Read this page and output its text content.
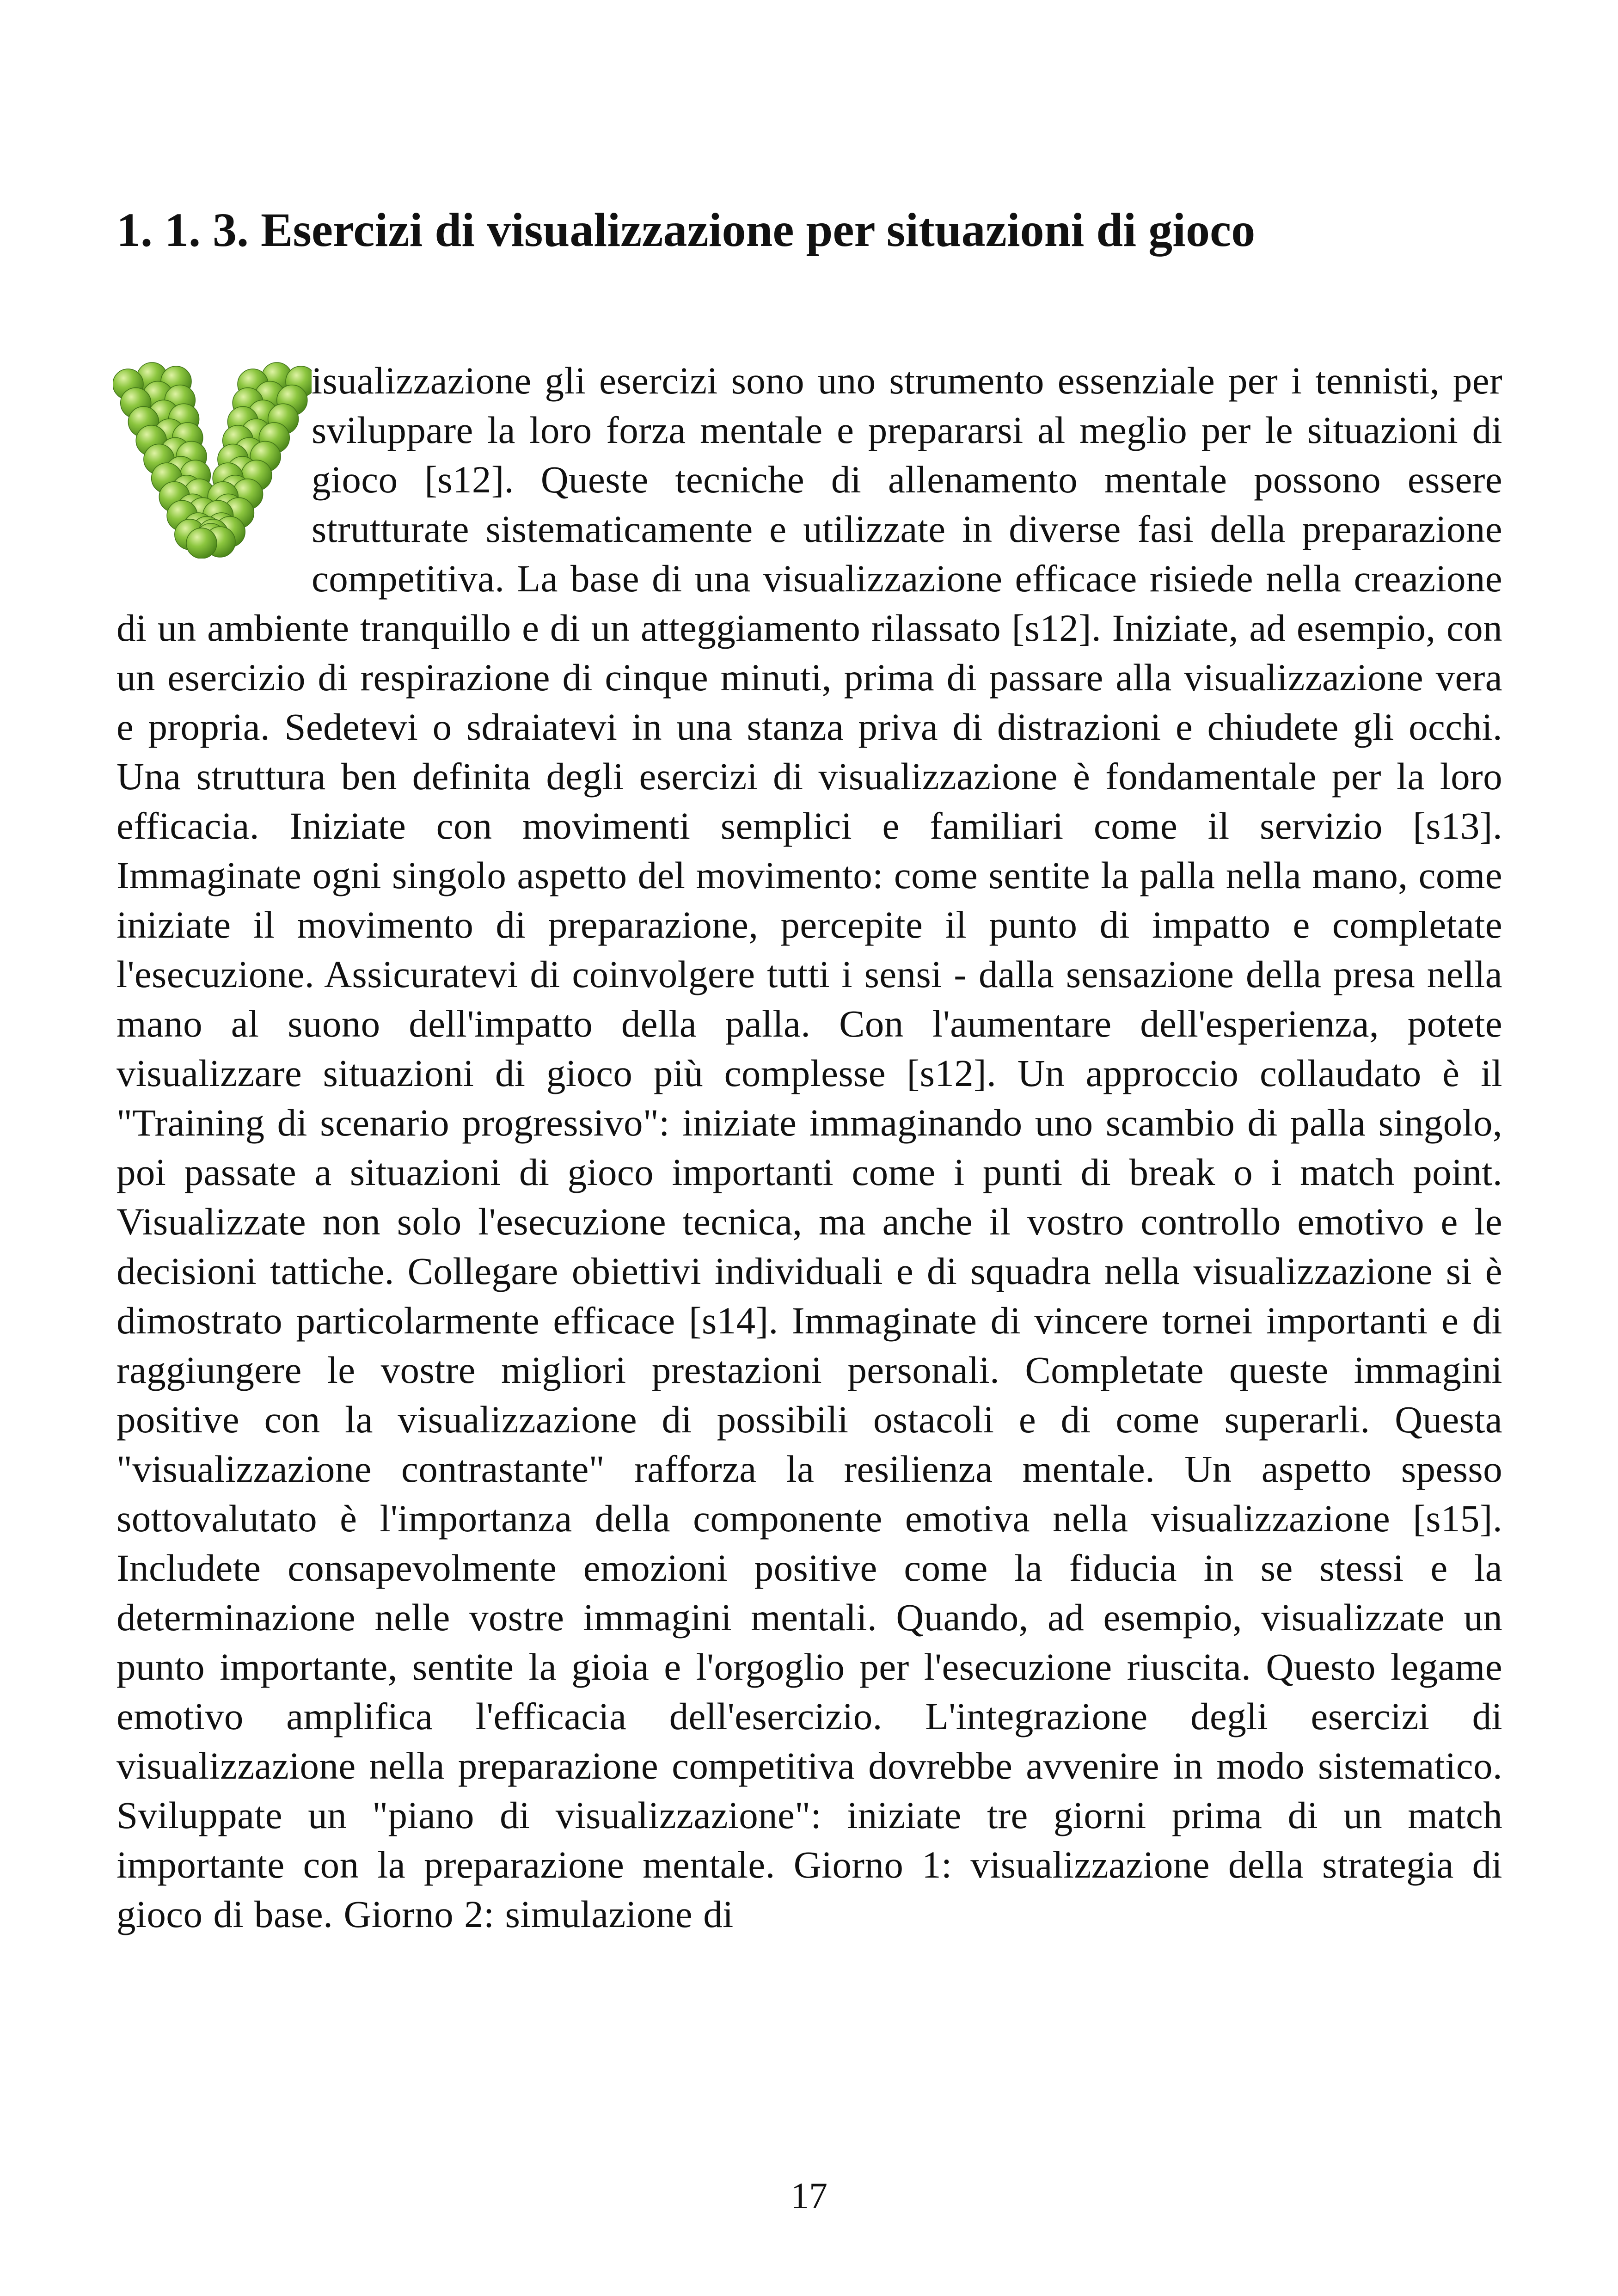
1. 1. 3. Esercizi di visualizzazione per situazioni di gioco

isualizzazione gli esercizi sono uno strumento essenziale per i tennisti, per sviluppare la loro forza mentale e prepararsi al meglio per le situazioni di gioco [s12]. Queste tecniche di allenamento mentale possono essere strutturate sistematicamente e utilizzate in diverse fasi della preparazione competitiva. La base di una visualizzazione efficace risiede nella creazione di un ambiente tranquillo e di un atteggiamento rilassato [s12]. Iniziate, ad esempio, con un esercizio di respirazione di cinque minuti, prima di passare alla visualizzazione vera e propria. Sedetevi o sdraiatevi in una stanza priva di distrazioni e chiudete gli occhi. Una struttura ben definita degli esercizi di visualizzazione è fondamentale per la loro efficacia. Iniziate con movimenti semplici e familiari come il servizio [s13]. Immaginate ogni singolo aspetto del movimento: come sentite la palla nella mano, come iniziate il movimento di preparazione, percepite il punto di impatto e completate l'esecuzione. Assicuratevi di coinvolgere tutti i sensi - dalla sensazione della presa nella mano al suono dell'impatto della palla. Con l'aumentare dell'esperienza, potete visualizzare situazioni di gioco più complesse [s12]. Un approccio collaudato è il "Training di scenario progressivo": iniziate immaginando uno scambio di palla singolo, poi passate a situazioni di gioco importanti come i punti di break o i match point. Visualizzate non solo l'esecuzione tecnica, ma anche il vostro controllo emotivo e le decisioni tattiche. Collegare obiettivi individuali e di squadra nella visualizzazione si è dimostrato particolarmente efficace [s14]. Immaginate di vincere tornei importanti e di raggiungere le vostre migliori prestazioni personali. Completate queste immagini positive con la visualizzazione di possibili ostacoli e di come superarli. Questa "visualizzazione contrastante" rafforza la resilienza mentale. Un aspetto spesso sottovalutato è l'importanza della componente emotiva nella visualizzazione [s15]. Includete consapevolmente emozioni positive come la fiducia in se stessi e la determinazione nelle vostre immagini mentali. Quando, ad esempio, visualizzate un punto importante, sentite la gioia e l'orgoglio per l'esecuzione riuscita. Questo legame emotivo amplifica l'efficacia dell'esercizio. L'integrazione degli esercizi di visualizzazione nella preparazione competitiva dovrebbe avvenire in modo sistematico. Sviluppate un "piano di visualizzazione": iniziate tre giorni prima di un match importante con la preparazione mentale. Giorno 1: visualizzazione della strategia di gioco di base. Giorno 2: simulazione di

17
